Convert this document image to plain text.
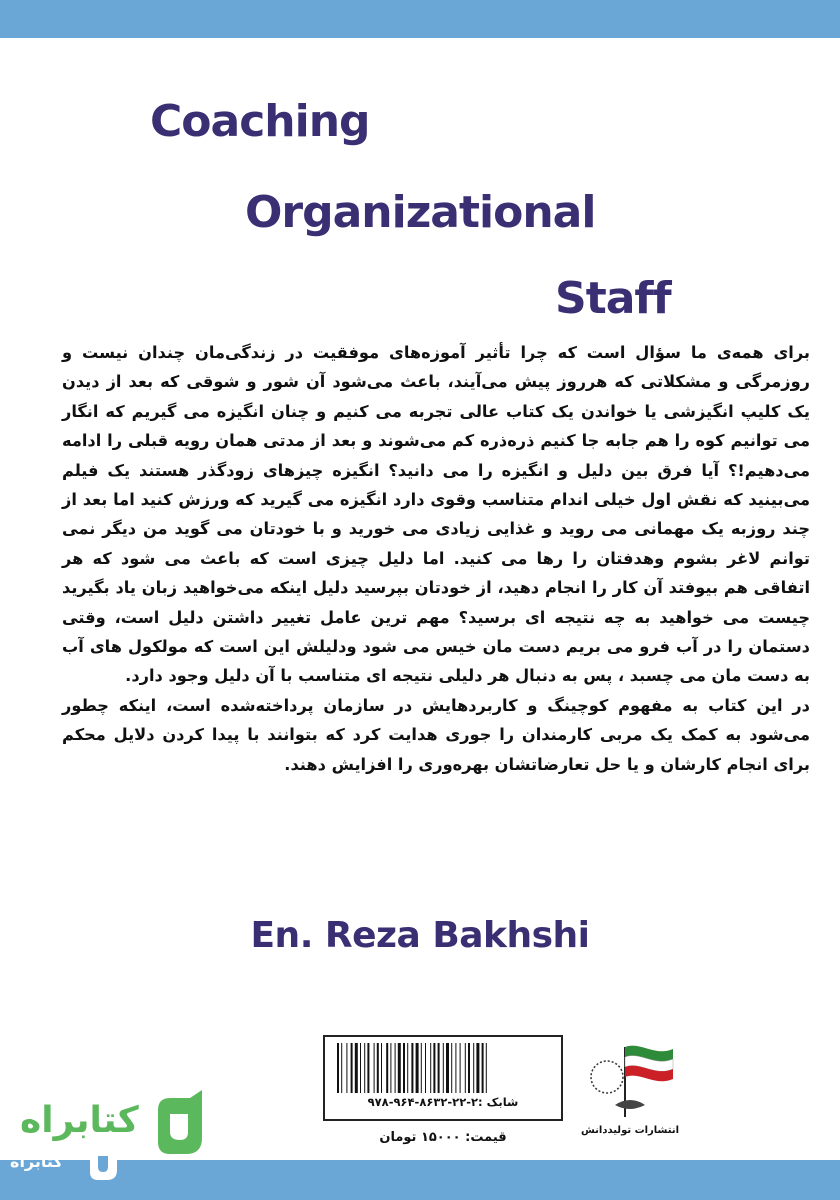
Coaching
Organizational
Staff

برای همه‌ی ما سؤال است که چرا تأثیر آموزه‌های موفقیت در زندگی‌مان چندان نیست و روزمرگی و مشکلاتی که هرروز پیش می‌آیند، باعث می‌شود آن شور و شوقی که بعد از دیدن یک کلیپ انگیزشی یا خواندن یک کتاب عالی تجربه می کنیم و چنان انگیزه می گیریم که انگار می توانیم کوه را هم جابه جا کنیم ذره‌ذره کم می‌شوند و بعد از مدتی همان رویه قبلی را ادامه می‌دهیم!؟ آیا فرق بین دلیل و انگیزه را می دانید؟ انگیزه چیزهای زودگذر هستند یک فیلم می‌بینید که نقش اول خیلی اندام متناسب وقوی دارد انگیزه می گیرید که ورزش کنید اما بعد از چند روزبه یک مهمانی می روید و غذایی زیادی می خورید و با خودتان می گوید من دیگر نمی توانم لاغر بشوم وهدفتان را رها می کنید. اما دلیل چیزی است که باعث می شود که هر اتفاقی هم بیوفتد آن کار را انجام دهید، از خودتان بپرسید دلیل اینکه می‌خواهید زبان یاد بگیرید چیست می خواهید به چه نتیجه ای برسید؟ مهم ترین عامل تغییر داشتن دلیل است، وقتی دستمان را در آب فرو می بریم دست مان خیس می شود ودلیلش این است که مولکول های آب به دست مان می چسبد ، پس به دنبال هر دلیلی نتیجه ای متناسب با آن دلیل وجود دارد.

در این کتاب به مفهوم کوچینگ و کاربردهایش در سازمان پرداخته‌شده است، اینکه چطور می‌شود به کمک یک مربی کارمندان را جوری هدایت کرد که بتوانند با پیدا کردن دلایل محکم برای انجام کارشان و یا حل تعارضاتشان بهره‌وری را افزایش دهند.

En. Reza Bakhshi
شابک :۲-۲۲-۸۶۳۲-۹۶۴-۹۷۸
قیمت: ۱۵۰۰۰ تومان	انتشارات تولیددانش
کتابراه
کتابراه
